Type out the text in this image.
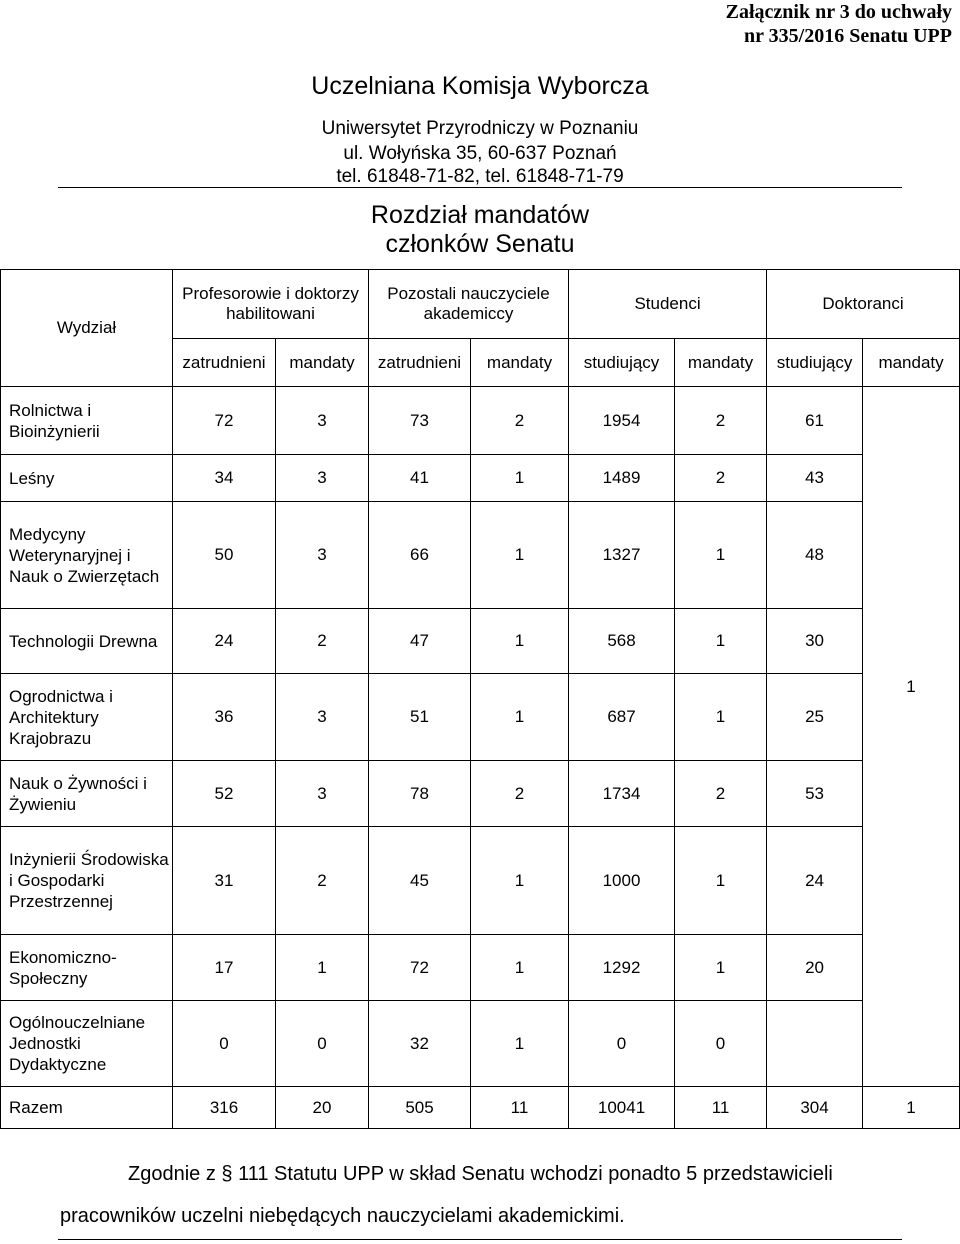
Załącznik nr 3 do uchwały
nr 335/2016 Senatu UPP
Uczelniana Komisja Wyborcza
Uniwersytet Przyrodniczy w Poznaniu
ul. Wołyńska 35, 60-637 Poznań
tel. 61848-71-82, tel. 61848-71-79
Rozdział mandatów
członków Senatu
Wydział	Profesorowie i doktorzy habilitowani		Pozostali nauczyciele akademiccy		Studenci		Doktoranci	
	zatrudnieni	mandaty	zatrudnieni	mandaty	studiujący	mandaty	studiujący	mandaty
Rolnictwa i Bioinżynierii	72	3	73	2	1954	2	61	1
Leśny	34	3	41	1	1489	2	43	
Medycyny Weterynaryjnej i Nauk o Zwierzętach	50	3	66	1	1327	1	48	
Technologii Drewna	24	2	47	1	568	1	30	
Ogrodnictwa i Architektury Krajobrazu	36	3	51	1	687	1	25	
Nauk o Żywności i Żywieniu	52	3	78	2	1734	2	53	
Inżynierii Środowiska i Gospodarki Przestrzennej	31	2	45	1	1000	1	24	
Ekonomiczno-Społeczny	17	1	72	1	1292	1	20	
Ogólnouczelniane Jednostki Dydaktyczne	0	0	32	1	0	0		
Razem	316	20	505	11	10041	11	304	1
Zgodnie z § 111 Statutu UPP w skład Senatu wchodzi ponadto 5 przedstawicieli
pracowników uczelni niebędących nauczycielami akademickimi.
